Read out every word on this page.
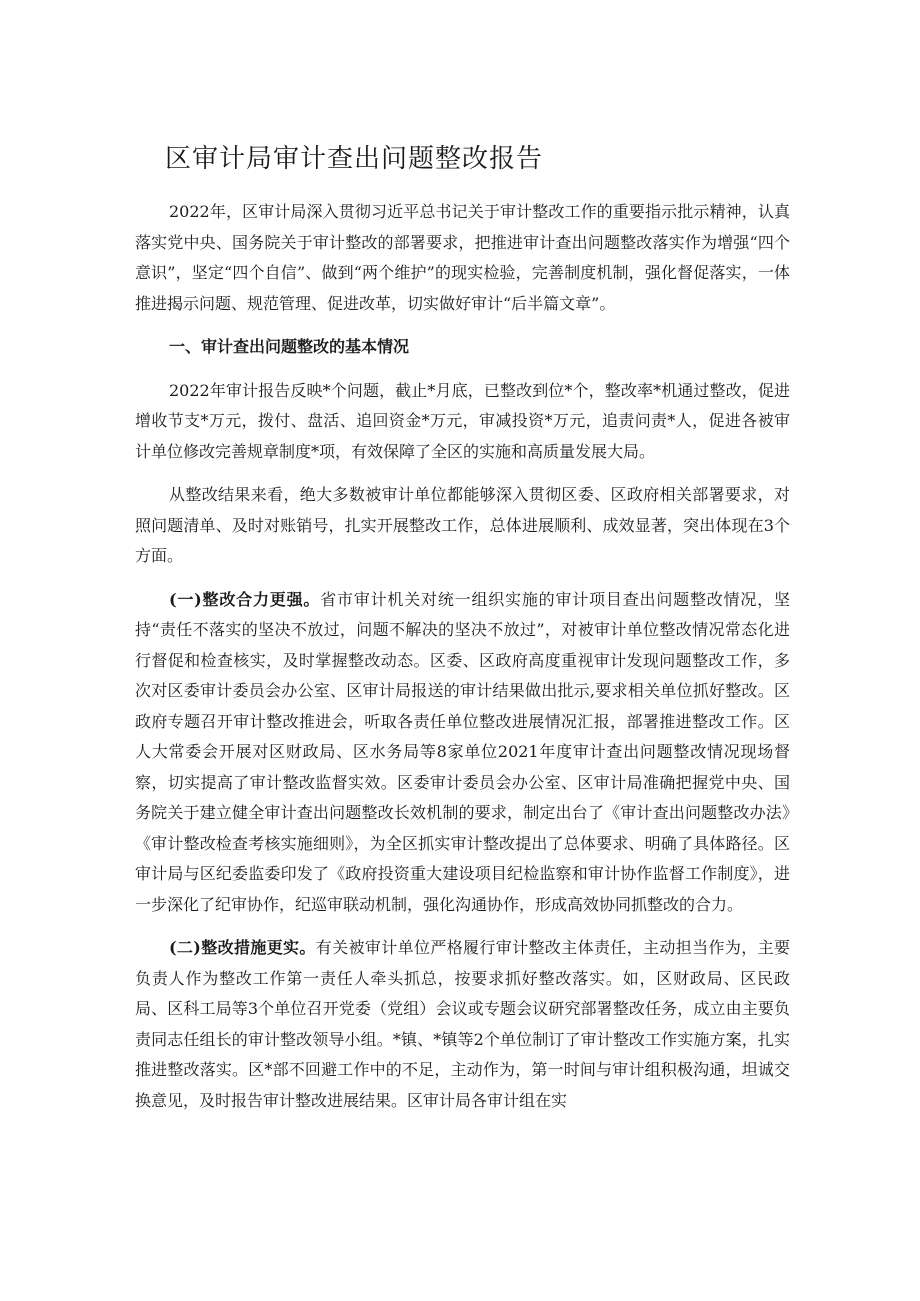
区审计局审计查出问题整改报告

2022年，区审计局深入贯彻习近平总书记关于审计整改工作的重要指示批示精神，认真落实党中央、国务院关于审计整改的部署要求，把推进审计查出问题整改落实作为增强“四个意识”，坚定“四个自信”、做到“两个维护”的现实检验，完善制度机制，强化督促落实，一体推进揭示问题、规范管理、促进改革，切实做好审计“后半篇文章”。

一、审计查出问题整改的基本情况

2022年审计报告反映*个问题，截止*月底，已整改到位*个，整改率*机通过整改，促进增收节支*万元，拨付、盘活、追回资金*万元，审减投资*万元，追责问责*人，促进各被审计单位修改完善规章制度*项，有效保障了全区的实施和高质量发展大局。

从整改结果来看，绝大多数被审计单位都能够深入贯彻区委、区政府相关部署要求，对照问题清单、及时对账销号，扎实开展整改工作，总体进展顺利、成效显著，突出体现在3个方面。

(一)整改合力更强。省市审计机关对统一组织实施的审计项目查出问题整改情况，坚持“责任不落实的坚决不放过，问题不解决的坚决不放过”，对被审计单位整改情况常态化进行督促和检查核实，及时掌握整改动态。区委、区政府高度重视审计发现问题整改工作，多次对区委审计委员会办公室、区审计局报送的审计结果做出批示,要求相关单位抓好整改。区政府专题召开审计整改推进会，听取各责任单位整改进展情况汇报，部署推进整改工作。区人大常委会开展对区财政局、区水务局等8家单位2021年度审计查出问题整改情况现场督察，切实提高了审计整改监督实效。区委审计委员会办公室、区审计局准确把握党中央、国务院关于建立健全审计查出问题整改长效机制的要求，制定出台了《审计查出问题整改办法》《审计整改检查考核实施细则》，为全区抓实审计整改提出了总体要求、明确了具体路径。区审计局与区纪委监委印发了《政府投资重大建设项目纪检监察和审计协作监督工作制度》，进一步深化了纪审协作，纪巡审联动机制，强化沟通协作，形成高效协同抓整改的合力。

(二)整改措施更实。有关被审计单位严格履行审计整改主体责任，主动担当作为，主要负责人作为整改工作第一责任人牵头抓总，按要求抓好整改落实。如，区财政局、区民政局、区科工局等3个单位召开党委（党组）会议或专题会议研究部署整改任务，成立由主要负责同志任组长的审计整改领导小组。*镇、*镇等2个单位制订了审计整改工作实施方案，扎实推进整改落实。区*部不回避工作中的不足，主动作为，第一时间与审计组积极沟通，坦诚交换意见，及时报告审计整改进展结果。区审计局各审计组在实
